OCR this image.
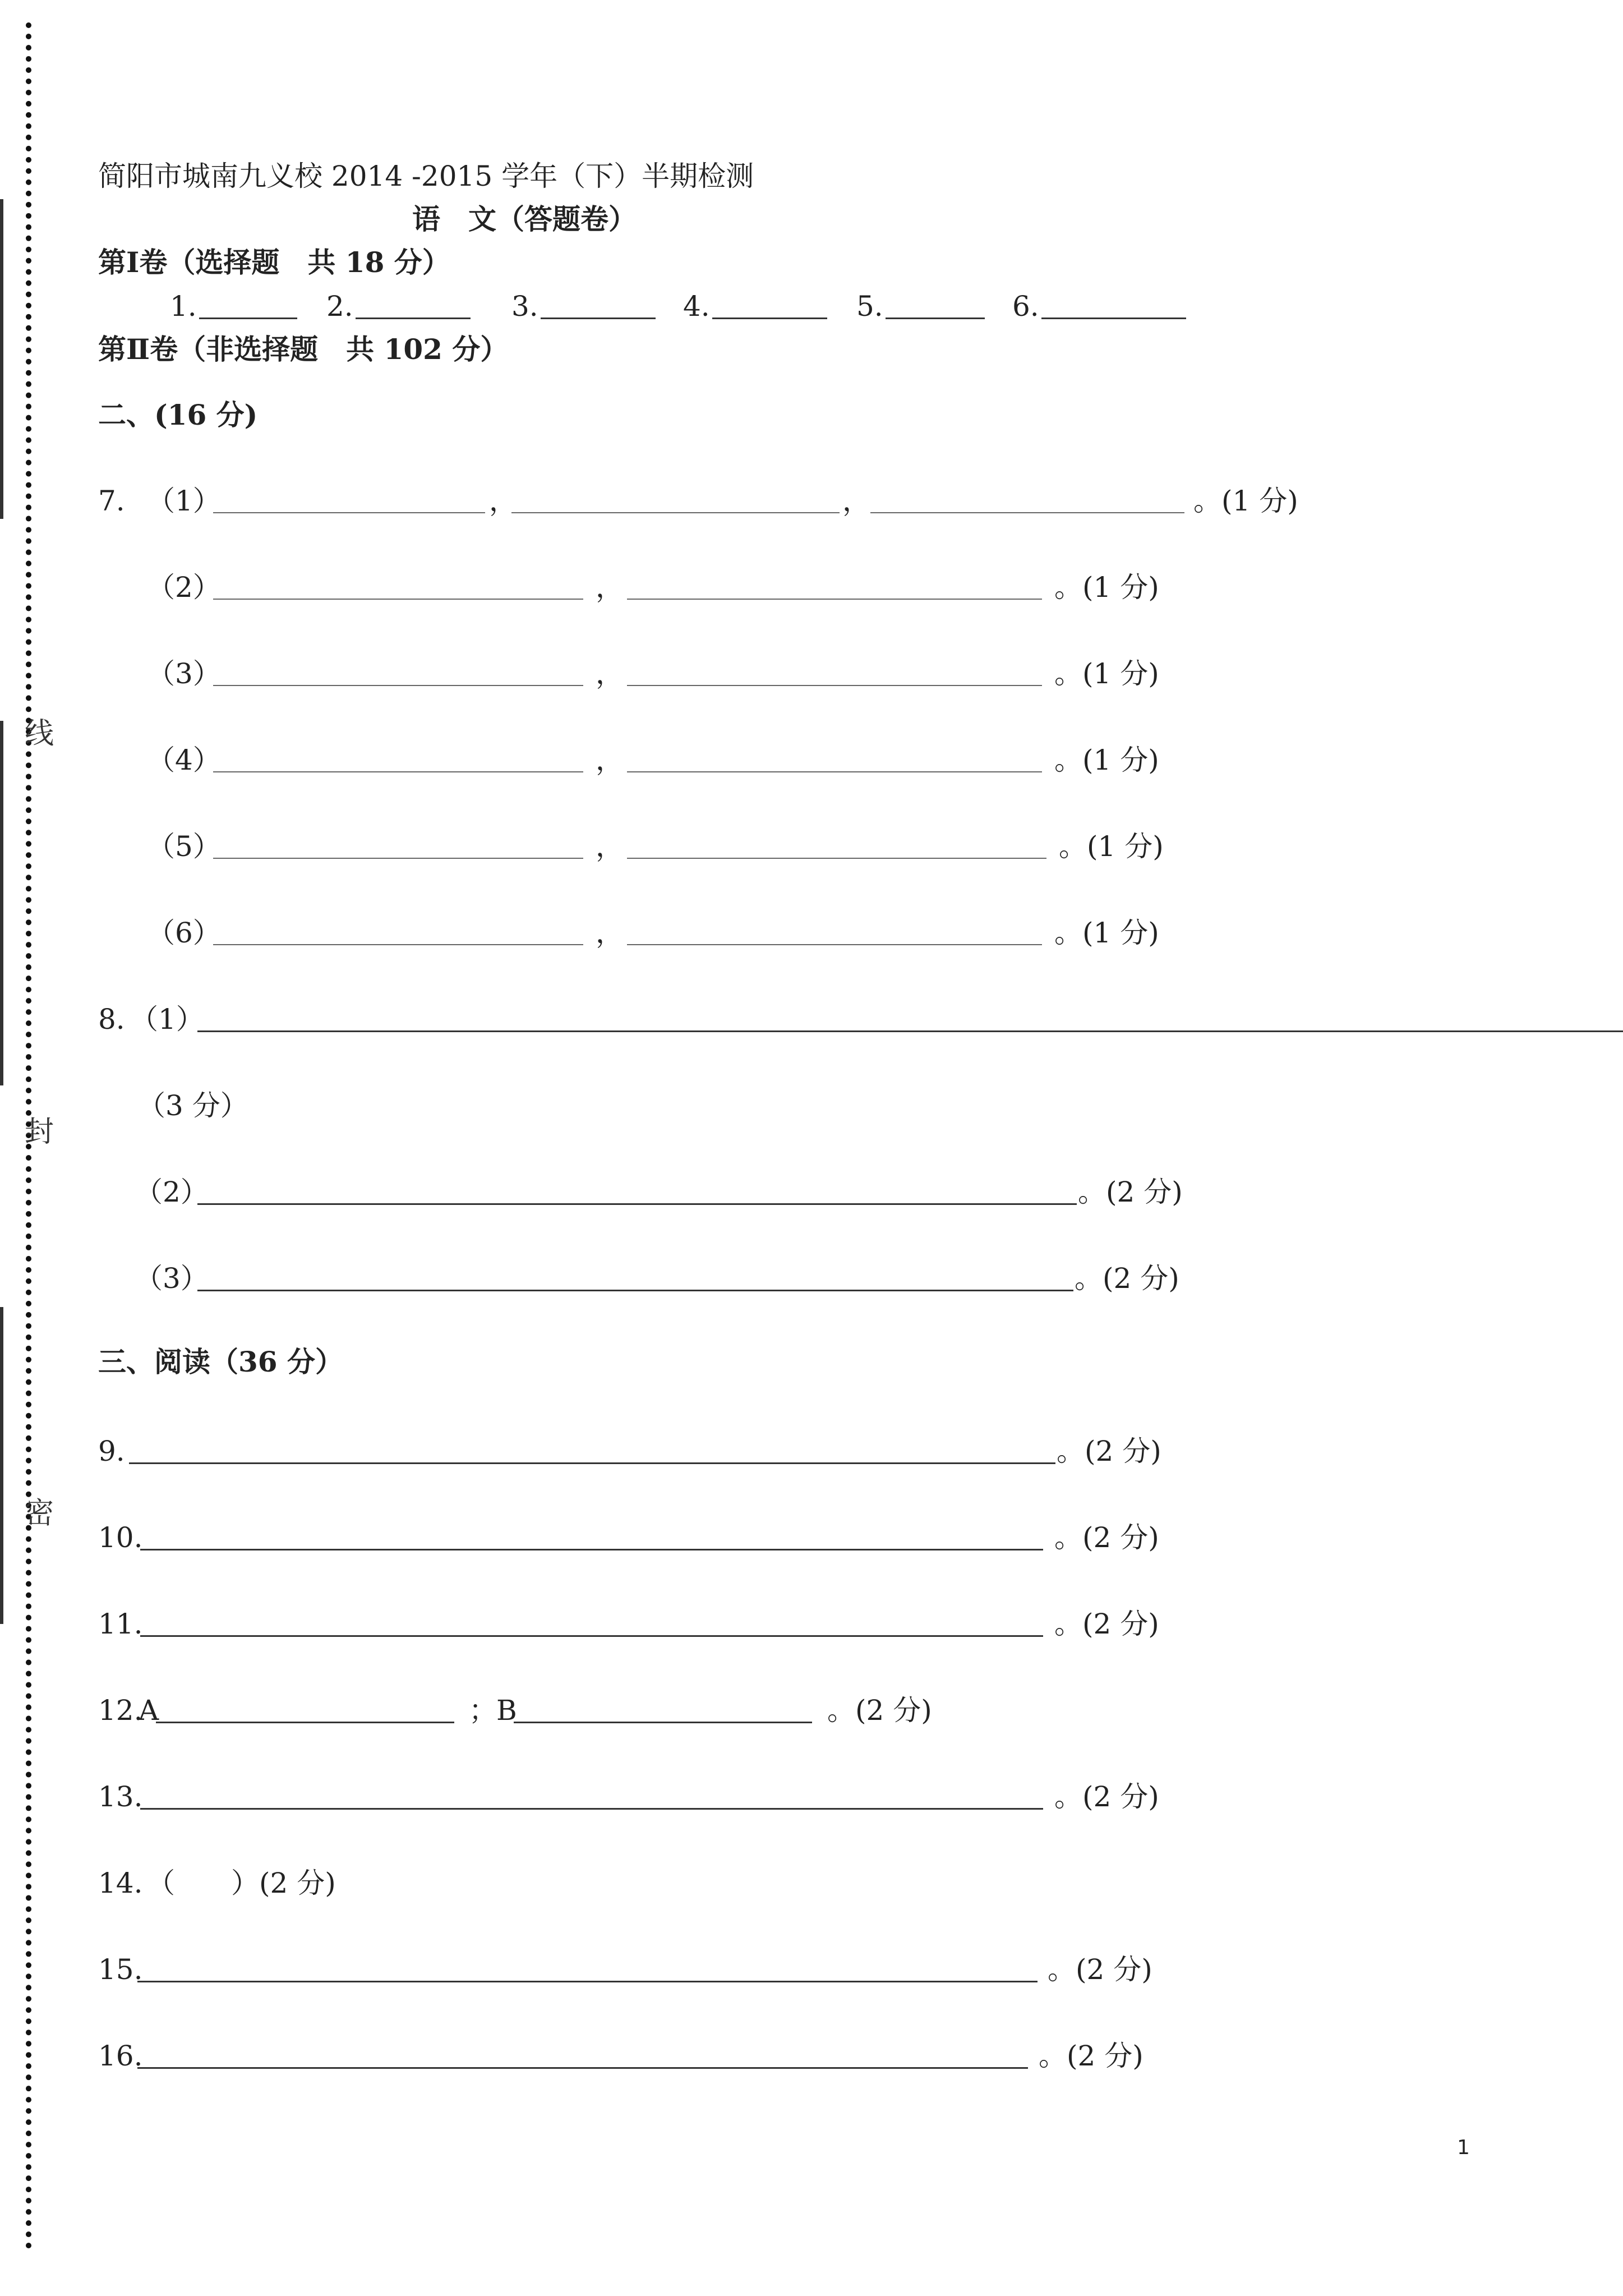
线
封
密
简阳市城南九义校 2014 -2015 学年（下）半期检测
语　文（答题卷）
第Ⅰ卷（选择题　共 18 分）
1.	2.	3.	4.	5.	6.
第Ⅱ卷（非选择题　共 102 分）
二、(16 分)
7. （1）	，	，	。(1 分)
（2）	，	。(1 分)
（3）	，	。(1 分)
（4）	，	。(1 分)
（5）	，	。(1 分)
（6）	，	。(1 分)
8. （1）
（3 分）
（2）	。(2 分)
（3）	。(2 分)
三、阅读（36 分）
9.	。(2 分)
10.	。(2 分)
11.	。(2 分)
12.
A	； B	。(2 分)
13.	。(2 分)
14. （　　）(2 分)
15.	。(2 分)
16.	。(2 分)
1
